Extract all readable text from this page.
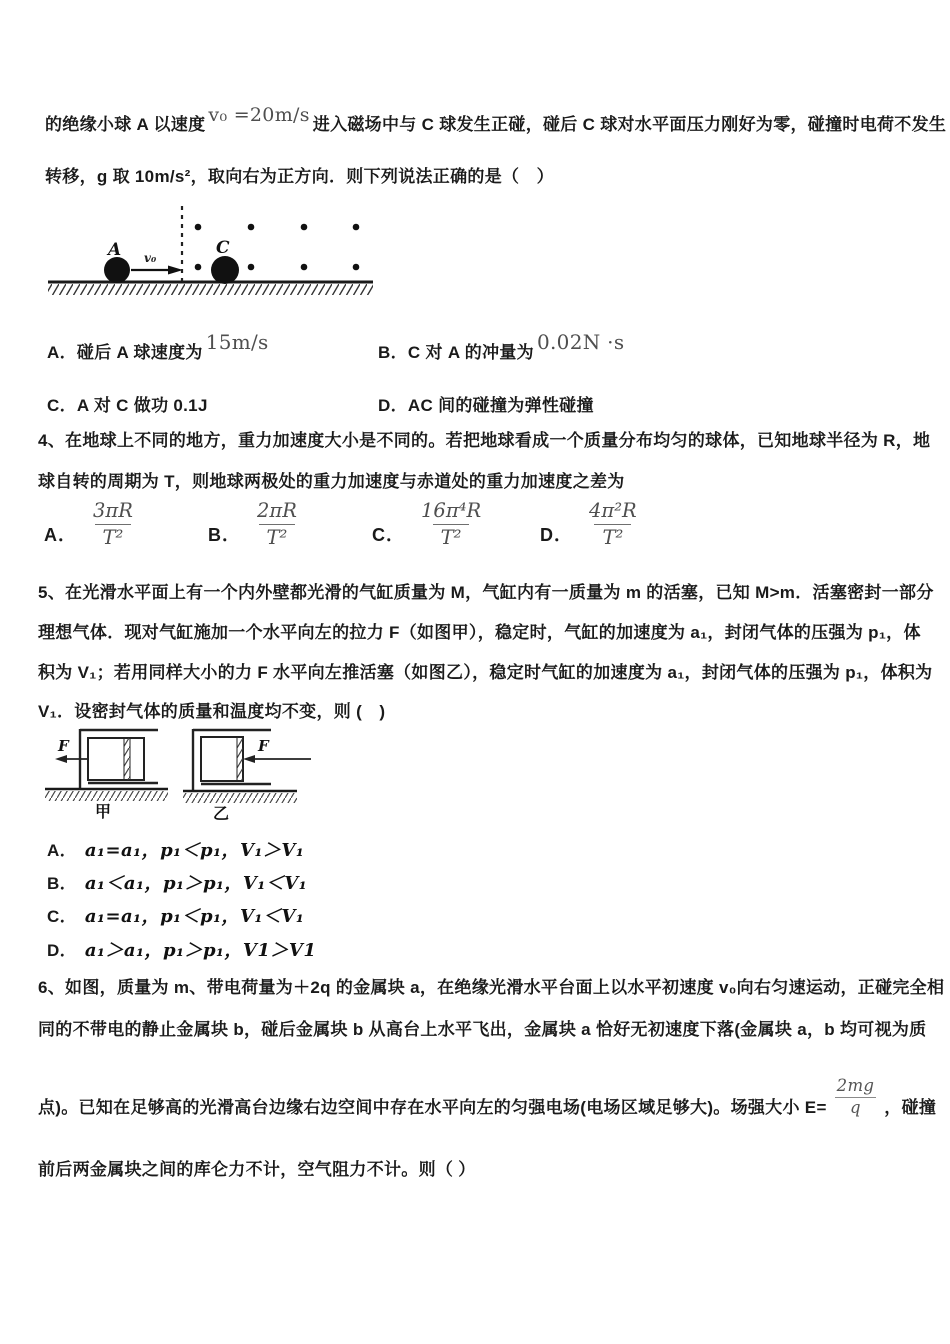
的绝缘小球 A 以速度 v₀ =20m/s 进入磁场中与 C 球发生正碰，碰后 C 球对水平面压力刚好为零，碰撞时电荷不发生
转移，g 取 10m/s²，取向右为正方向．则下列说法正确的是（　）
A v₀	C
A．碰后 A 球速度为 15m/s	B．C 对 A 的冲量为 0.02N ·s
C．A 对 C 做功 0.1J	D．AC 间的碰撞为弹性碰撞
4、在地球上不同的地方，重力加速度大小是不同的。若把地球看成一个质量分布均匀的球体，已知地球半径为 R，地
球自转的周期为 T，则地球两极处的重力加速度与赤道处的重力加速度之差为
A． $\frac{3\pi R}{\text{T²}}$	B． $\frac{2\pi R}{\text{T²}}$	C． $\frac{\text{16π⁴R}}{\text{T²}}$	D． $\frac{\text{4π²R}}{\text{T²}}$
5、在光滑水平面上有一个内外壁都光滑的气缸质量为 M，气缸内有一质量为 m 的活塞，已知 M>m．活塞密封一部分
理想气体．现对气缸施加一个水平向左的拉力 F（如图甲），稳定时，气缸的加速度为 a₁，封闭气体的压强为 p₁，体
积为 V₁；若用同样大小的力 F 水平向左推活塞（如图乙），稳定时气缸的加速度为 a₁，封闭气体的压强为 p₁，体积为
V₁．设密封气体的质量和温度均不变，则 (　)
F
甲
F
乙
A． a₁=a₁，p₁＜p₁，V₁＞V₁
B． a₁＜a₁，p₁＞p₁，V₁＜V₁
C． a₁=a₁，p₁＜p₁，V₁＜V₁
D． a₁＞a₁，p₁＞p₁，V1＞V1
6、如图，质量为 m、带电荷量为＋2q 的金属块 a，在绝缘光滑水平台面上以水平初速度 v₀向右匀速运动，正碰完全相
同的不带电的静止金属块 b，碰后金属块 b 从高台上水平飞出，金属块 a 恰好无初速度下落(金属块 a，b 均可视为质
点)。已知在足够高的光滑高台边缘右边空间中存在水平向左的匀强电场(电场区域足够大)。场强大小 $E= \frac{2mg}{q}$ ，碰撞
前后两金属块之间的库仑力不计，空气阻力不计。则（ ）
